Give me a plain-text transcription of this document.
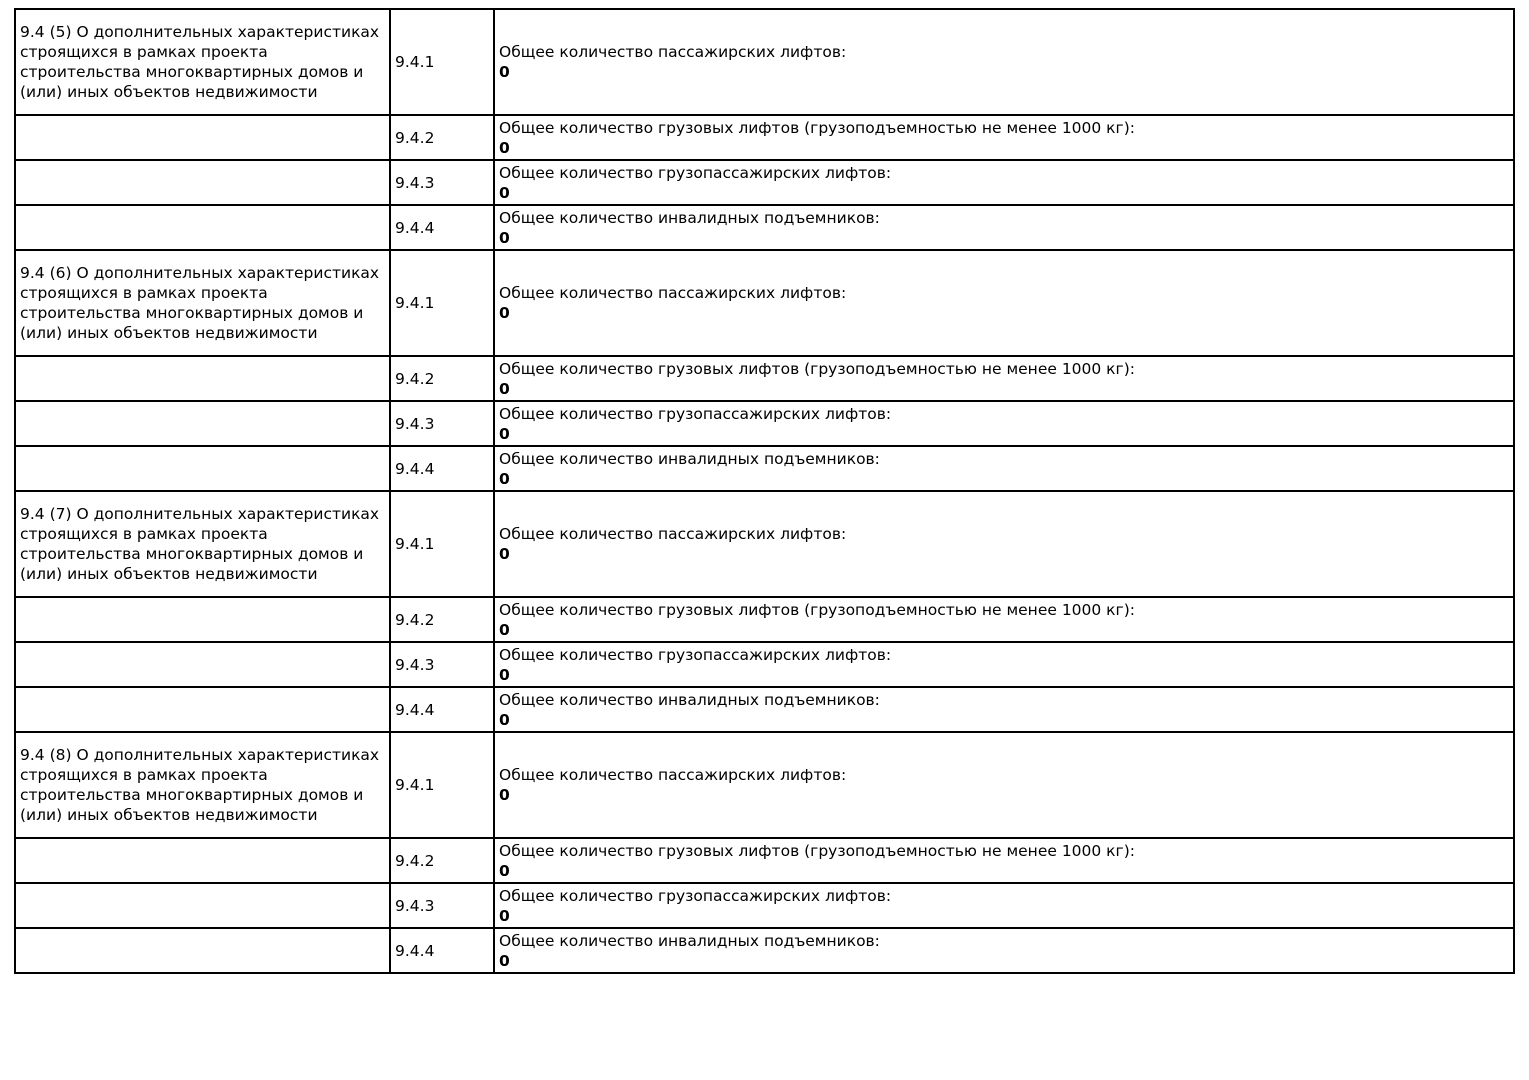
9.4 (5) О дополнительных характеристиках строящихся в рамках проекта строительства многоквартирных домов и (или) иных объектов недвижимости	9.4.1	Общее количество пассажирских лифтов:
0

	9.4.2	Общее количество грузовых лифтов (грузоподъемностью не менее 1000 кг):
0

	9.4.3	Общее количество грузопассажирских лифтов:
0

	9.4.4	Общее количество инвалидных подъемников:
0

9.4 (6) О дополнительных характеристиках строящихся в рамках проекта строительства многоквартирных домов и (или) иных объектов недвижимости	9.4.1	Общее количество пассажирских лифтов:
0

	9.4.2	Общее количество грузовых лифтов (грузоподъемностью не менее 1000 кг):
0

	9.4.3	Общее количество грузопассажирских лифтов:
0

	9.4.4	Общее количество инвалидных подъемников:
0

9.4 (7) О дополнительных характеристиках строящихся в рамках проекта строительства многоквартирных домов и (или) иных объектов недвижимости	9.4.1	Общее количество пассажирских лифтов:
0

	9.4.2	Общее количество грузовых лифтов (грузоподъемностью не менее 1000 кг):
0

	9.4.3	Общее количество грузопассажирских лифтов:
0

	9.4.4	Общее количество инвалидных подъемников:
0

9.4 (8) О дополнительных характеристиках строящихся в рамках проекта строительства многоквартирных домов и (или) иных объектов недвижимости	9.4.1	Общее количество пассажирских лифтов:
0

	9.4.2	Общее количество грузовых лифтов (грузоподъемностью не менее 1000 кг):
0

	9.4.3	Общее количество грузопассажирских лифтов:
0

	9.4.4	Общее количество инвалидных подъемников:
0
